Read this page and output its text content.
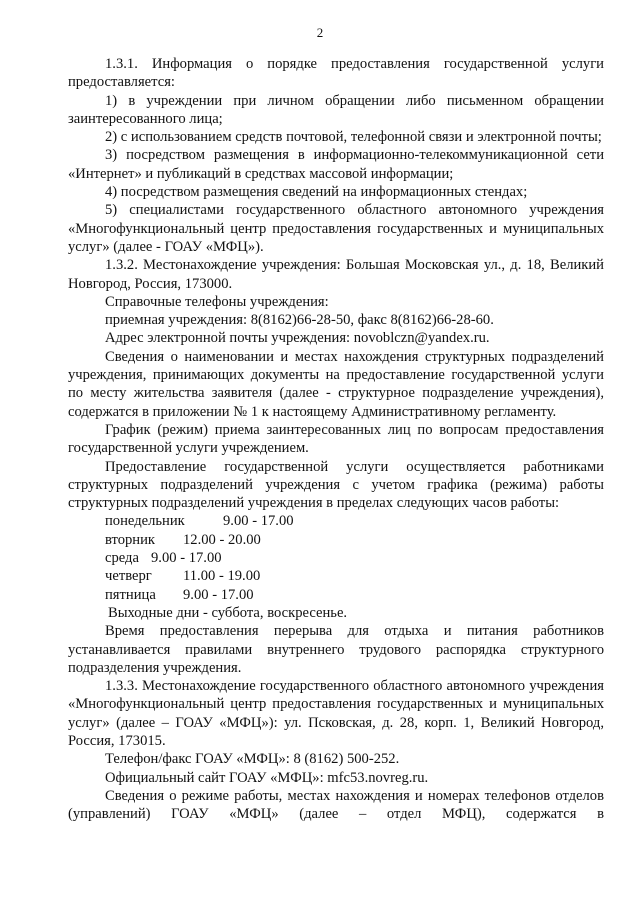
2

1.3.1. Информация о порядке предоставления государственной услуги предоставляется:

1) в учреждении при личном обращении либо письменном обращении заинтересованного лица;

2) с использованием средств почтовой, телефонной связи и электронной почты;

3) посредством размещения в информационно-телекоммуникационной сети «Интернет» и публикаций в средствах массовой информации;

4) посредством размещения сведений на информационных стендах;

5) специалистами государственного областного автономного учреждения «Многофункциональный центр предоставления государственных и муниципальных услуг» (далее - ГОАУ «МФЦ»).

1.3.2. Местонахождение учреждения: Большая Московская ул., д. 18, Великий Новгород, Россия, 173000.

Справочные телефоны учреждения:

приемная учреждения: 8(8162)66-28-50, факс 8(8162)66-28-60.

Адрес электронной почты учреждения: novoblczn@yandex.ru.

Сведения о наименовании и местах нахождения структурных подразделений учреждения, принимающих документы на предоставление государственной услуги по месту жительства заявителя (далее - структурное подразделение учреждения), содержатся в приложении № 1 к настоящему Административному регламенту.

График (режим) приема заинтересованных лиц по вопросам предоставления государственной услуги учреждением.

Предоставление государственной услуги осуществляется работниками структурных подразделений учреждения с учетом графика (режима) работы структурных подразделений учреждения в пределах следующих часов работы:

понедельник	9.00 - 17.00
вторник	12.00 - 20.00
среда 9.00 - 17.00
четверг	11.00 - 19.00
пятница	9.00 - 17.00

Выходные дни - суббота, воскресенье.

Время предоставления перерыва для отдыха и питания работников устанавливается правилами внутреннего трудового распорядка структурного подразделения учреждения.

1.3.3. Местонахождение государственного областного автономного учреждения «Многофункциональный центр предоставления государственных и муниципальных услуг» (далее – ГОАУ «МФЦ»): ул. Псковская, д. 28, корп. 1, Великий Новгород, Россия, 173015.

Телефон/факс ГОАУ «МФЦ»: 8 (8162) 500-252.

Официальный сайт ГОАУ «МФЦ»: mfc53.novreg.ru.

Сведения о режиме работы, местах нахождения и номерах телефонов отделов (управлений) ГОАУ «МФЦ» (далее – отдел МФЦ), содержатся в
